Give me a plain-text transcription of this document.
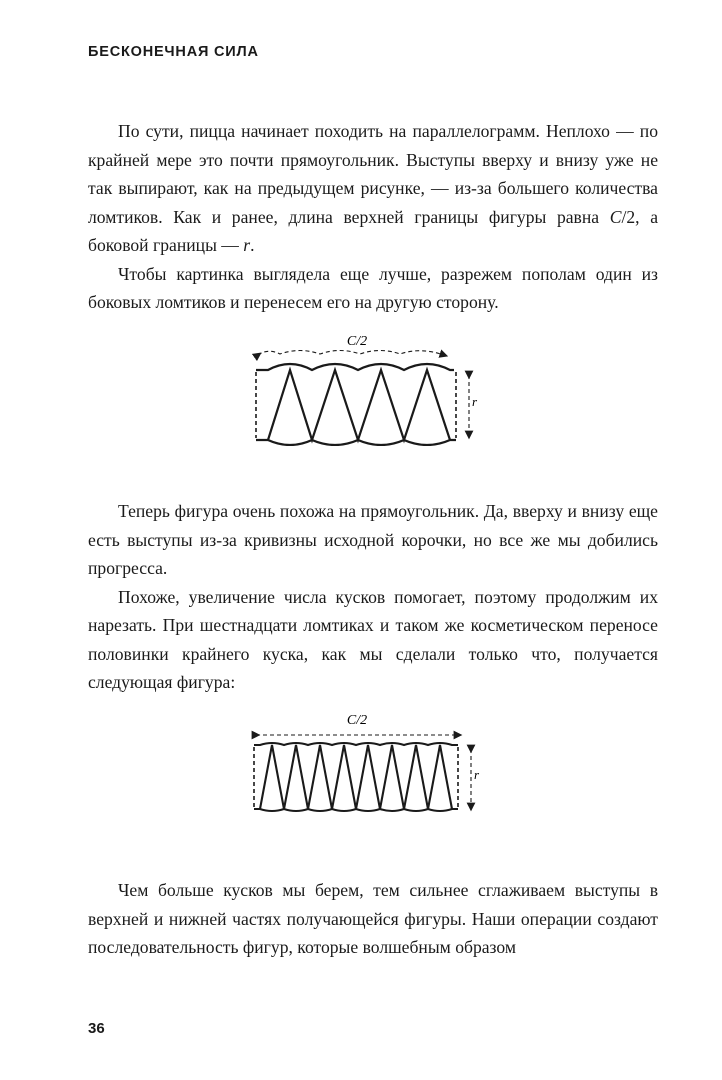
БЕСКОНЕЧНАЯ СИЛА

По сути, пицца начинает походить на параллелограмм. Неплохо — по крайней мере это почти прямоугольник. Выступы вверху и внизу уже не так выпирают, как на предыдущем рисунке, — из-за большего количества ломтиков. Как и ранее, длина верхней границы фигуры равна C/2, а боковой границы — r.

Чтобы картинка выглядела еще лучше, разрежем пополам один из боковых ломтиков и перенесем его на другую сторону.

C/2
r

Теперь фигура очень похожа на прямоугольник. Да, вверху и внизу еще есть выступы из-за кривизны исходной корочки, но все же мы добились прогресса.

Похоже, увеличение числа кусков помогает, поэтому продолжим их нарезать. При шестнадцати ломтиках и таком же косметическом переносе половинки крайнего куска, как мы сделали только что, получается следующая фигура:

C/2
r

Чем больше кусков мы берем, тем сильнее сглаживаем выступы в верхней и нижней частях получающейся фигуры. Наши операции создают последовательность фигур, которые волшебным образом

36
